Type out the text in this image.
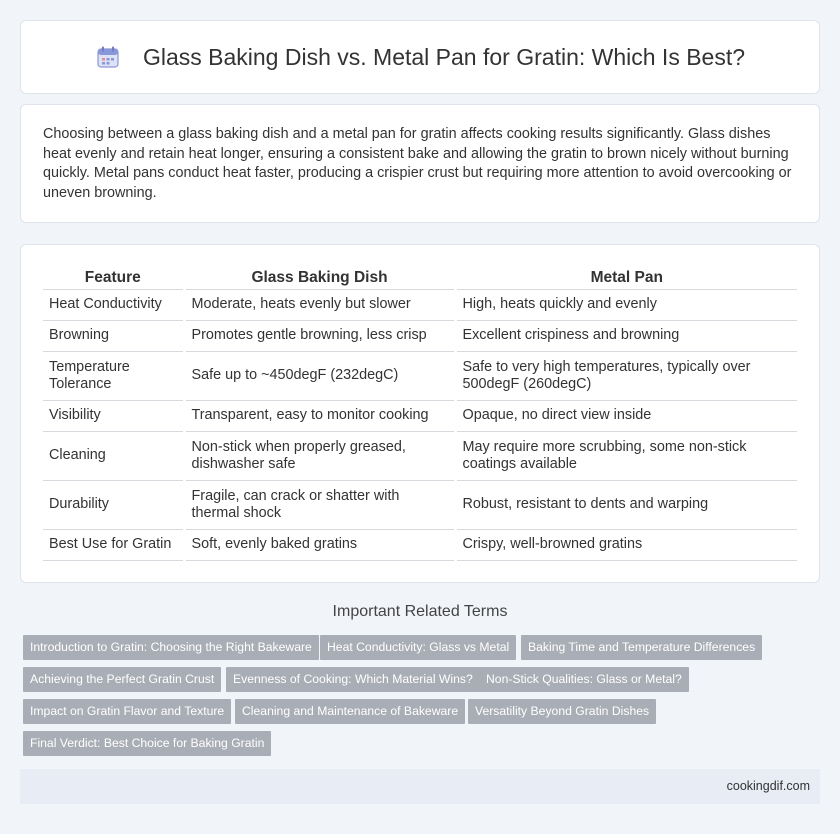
Glass Baking Dish vs. Metal Pan for Gratin: Which Is Best?

Choosing between a glass baking dish and a metal pan for gratin affects cooking results significantly. Glass dishes heat evenly and retain heat longer, ensuring a consistent bake and allowing the gratin to brown nicely without burning quickly. Metal pans conduct heat faster, producing a crispier crust but requiring more attention to avoid overcooking or uneven browning.

Feature	Glass Baking Dish	Metal Pan
Heat Conductivity	Moderate, heats evenly but slower	High, heats quickly and evenly
Browning	Promotes gentle browning, less crisp	Excellent crispiness and browning
Temperature Tolerance	Safe up to ~450degF (232degC)	Safe to very high temperatures, typically over 500degF (260degC)
Visibility	Transparent, easy to monitor cooking	Opaque, no direct view inside
Cleaning	Non-stick when properly greased, dishwasher safe	May require more scrubbing, some non-stick coatings available
Durability	Fragile, can crack or shatter with thermal shock	Robust, resistant to dents and warping
Best Use for Gratin	Soft, evenly baked gratins	Crispy, well-browned gratins
Important Related Terms
Introduction to Gratin: Choosing the Right Bakeware	Heat Conductivity: Glass vs Metal	Baking Time and Temperature Differences
Achieving the Perfect Gratin Crust	Evenness of Cooking: Which Material Wins?	Non-Stick Qualities: Glass or Metal?
Impact on Gratin Flavor and Texture	Cleaning and Maintenance of Bakeware	Versatility Beyond Gratin Dishes
Final Verdict: Best Choice for Baking Gratin
cookingdif.com
